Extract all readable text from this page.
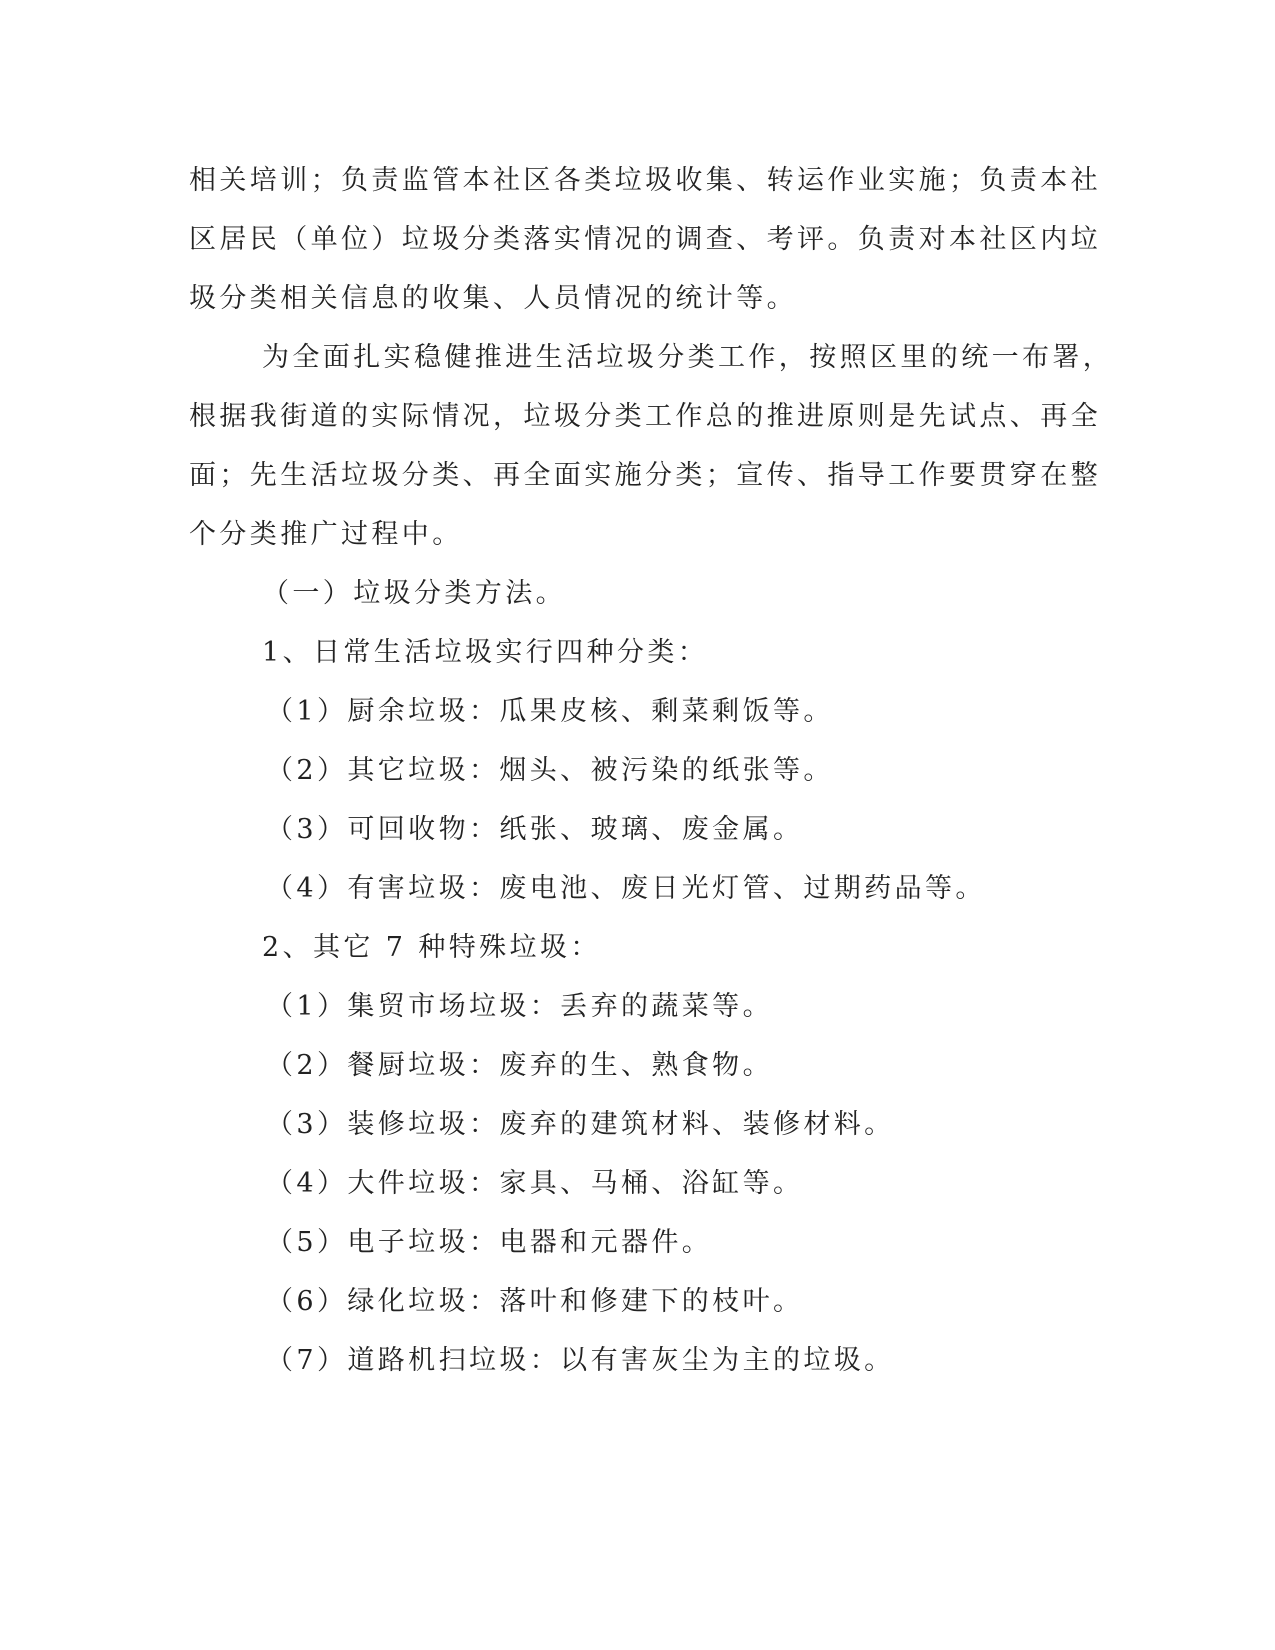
相关培训；负责监管本社区各类垃圾收集、转运作业实施；负责本社
区居民（单位）垃圾分类落实情况的调查、考评。负责对本社区内垃
圾分类相关信息的收集、人员情况的统计等。
为全面扎实稳健推进生活垃圾分类工作，按照区里的统一布署，
根据我街道的实际情况，垃圾分类工作总的推进原则是先试点、再全
面；先生活垃圾分类、再全面实施分类；宣传、指导工作要贯穿在整
个分类推广过程中。
（一）垃圾分类方法。
1、日常生活垃圾实行四种分类：
（1）厨余垃圾：瓜果皮核、剩菜剩饭等。
（2）其它垃圾：烟头、被污染的纸张等。
（3）可回收物：纸张、玻璃、废金属。
（4）有害垃圾：废电池、废日光灯管、过期药品等。
2、其它 7 种特殊垃圾：
（1）集贸市场垃圾：丢弃的蔬菜等。
（2）餐厨垃圾：废弃的生、熟食物。
（3）装修垃圾：废弃的建筑材料、装修材料。
（4）大件垃圾：家具、马桶、浴缸等。
（5）电子垃圾：电器和元器件。
（6）绿化垃圾：落叶和修建下的枝叶。
（7）道路机扫垃圾：以有害灰尘为主的垃圾。
